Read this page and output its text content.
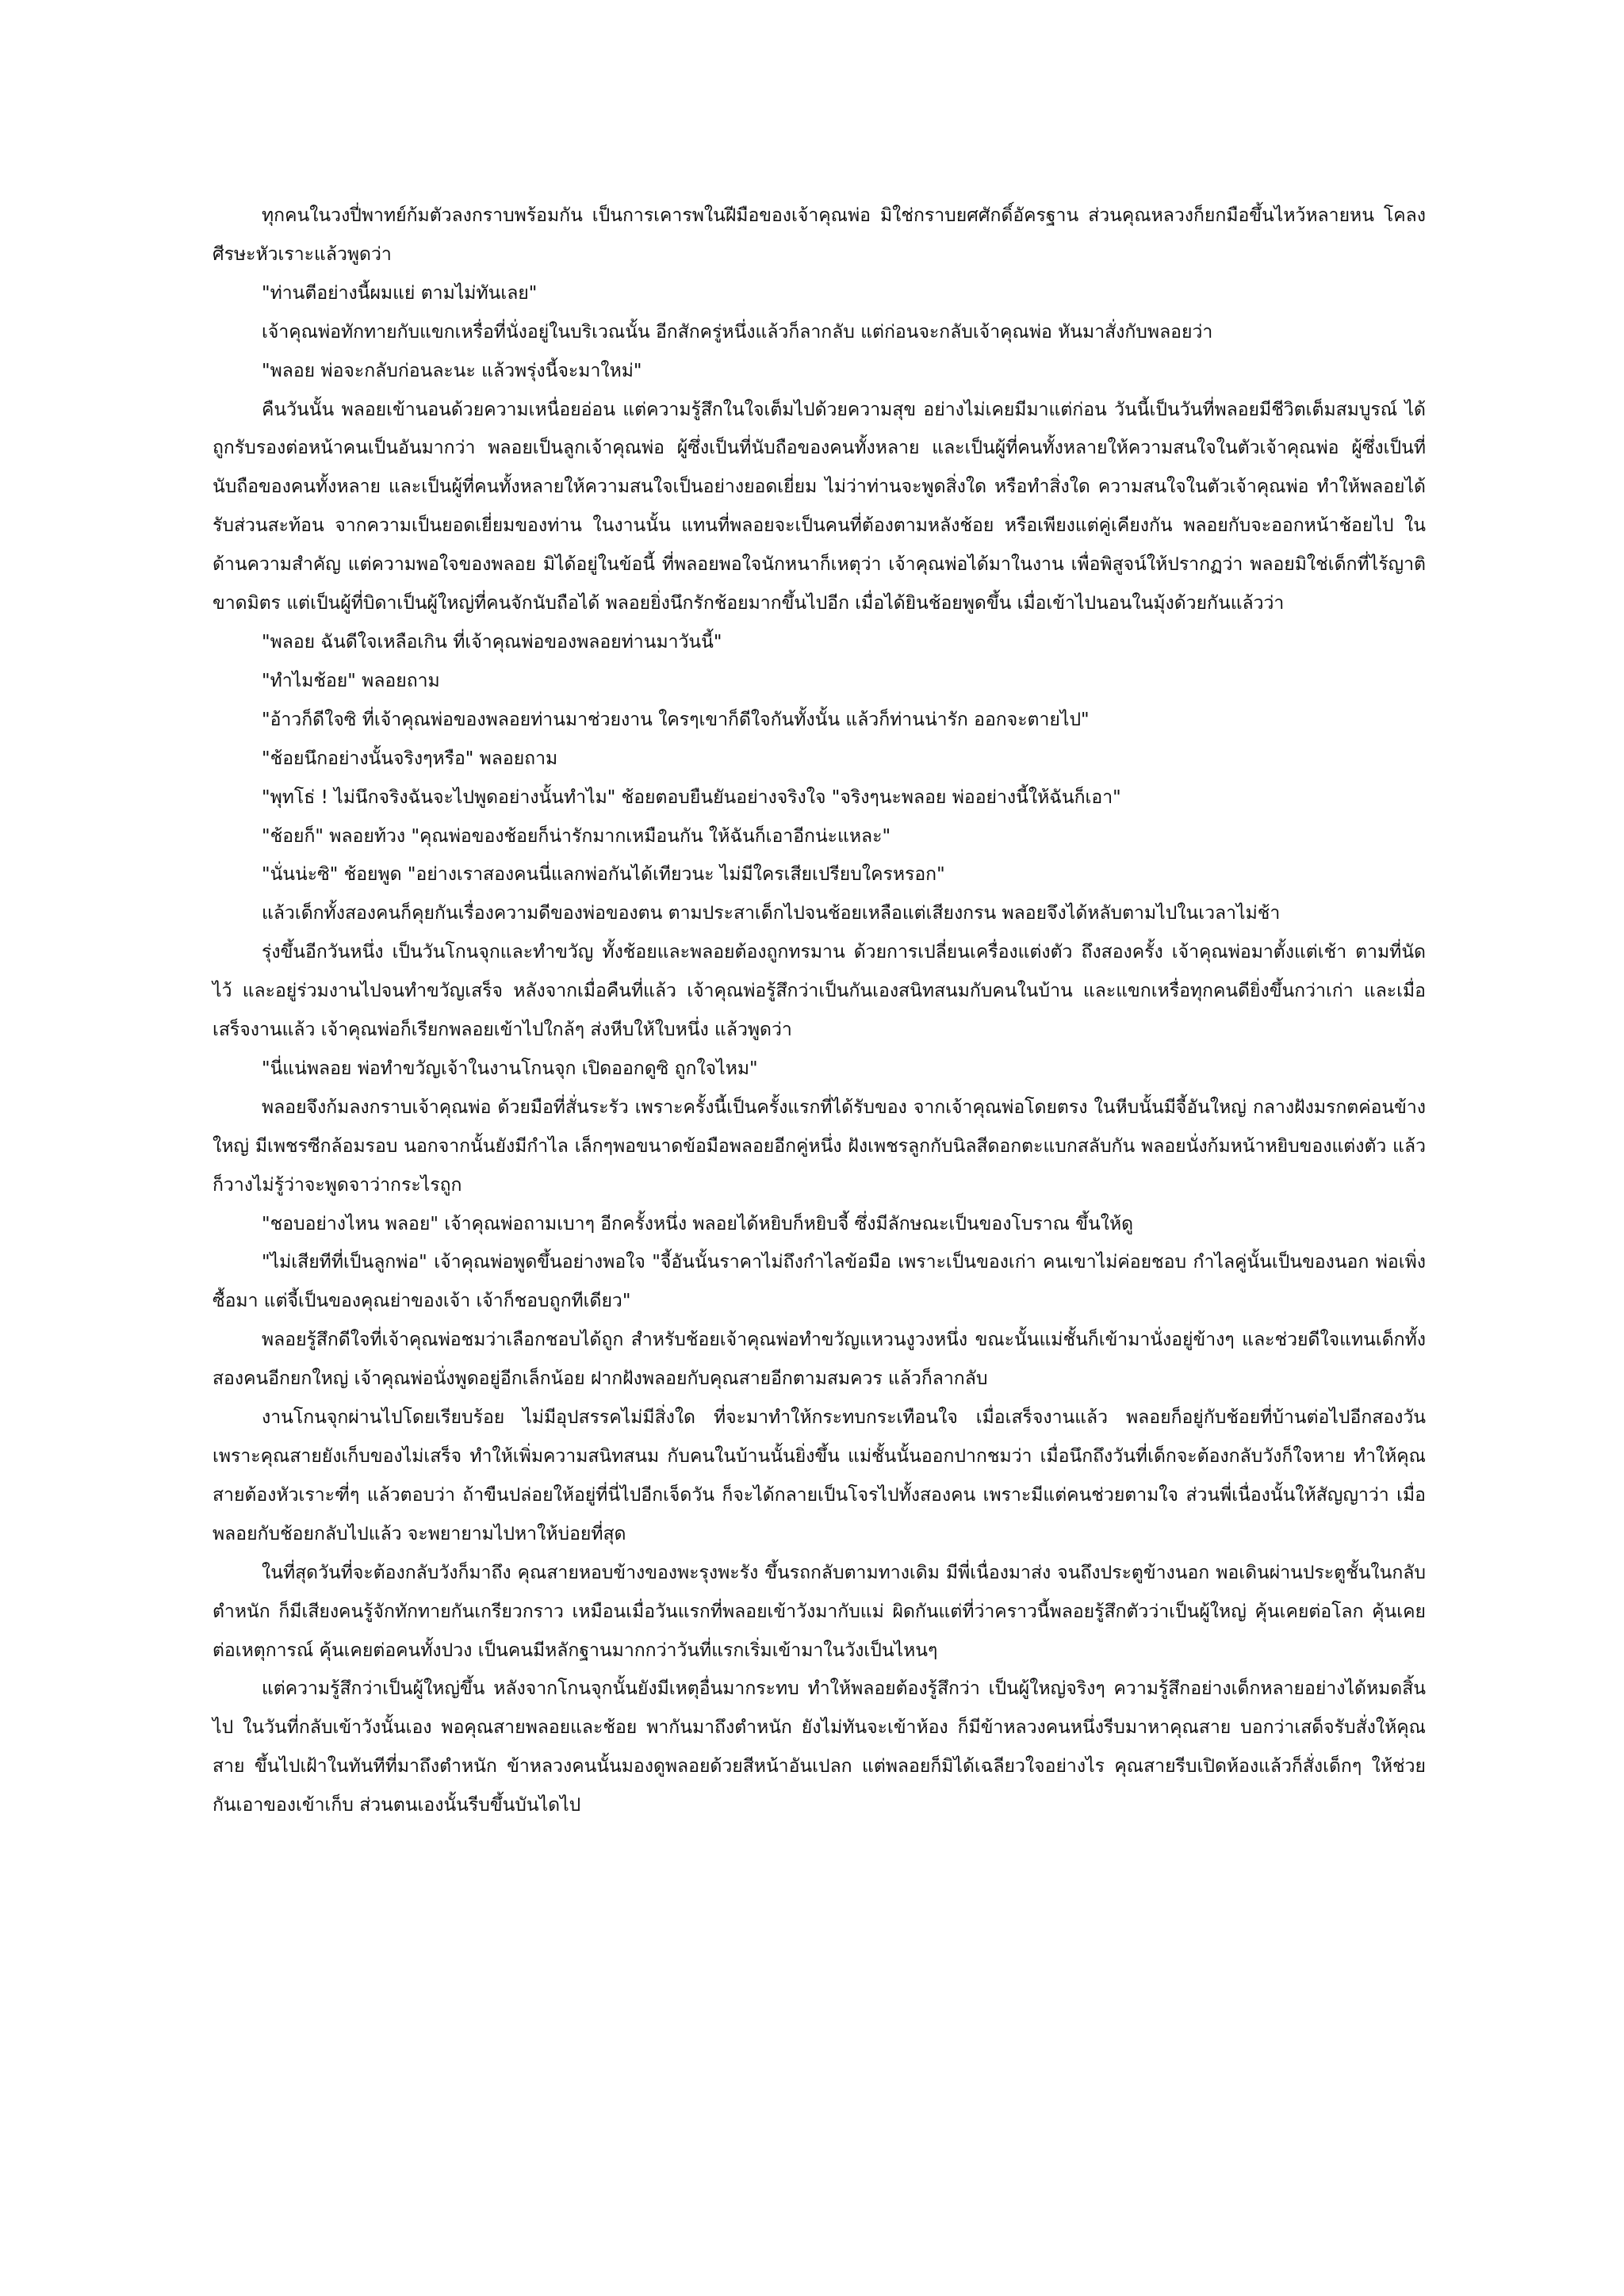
ทุกคนในวงปี่พาทย์ก้มตัวลงกราบพร้อมกัน เป็นการเคารพในฝีมือของเจ้าคุณพ่อ มิใช่กราบยศศักดิ์อัครฐาน ส่วนคุณหลวงก็ยกมือขึ้นไหว้หลายหน โคลงศีรษะหัวเราะแล้วพูดว่า

"ท่านตีอย่างนี้ผมแย่ ตามไม่ทันเลย"

เจ้าคุณพ่อทักทายกับแขกเหรื่อที่นั่งอยู่ในบริเวณนั้น อีกสักครู่หนึ่งแล้วก็ลากลับ แต่ก่อนจะกลับเจ้าคุณพ่อ หันมาสั่งกับพลอยว่า

"พลอย พ่อจะกลับก่อนละนะ แล้วพรุ่งนี้จะมาใหม่"

คืนวันนั้น พลอยเข้านอนด้วยความเหนื่อยอ่อน แต่ความรู้สึกในใจเต็มไปด้วยความสุข อย่างไม่เคยมีมาแต่ก่อน วันนี้เป็นวันที่พลอยมีชีวิตเต็มสมบูรณ์ ได้ถูกรับรองต่อหน้าคนเป็นอันมากว่า พลอยเป็นลูกเจ้าคุณพ่อ ผู้ซึ่งเป็นที่นับถือของคนทั้งหลาย และเป็นผู้ที่คนทั้งหลายให้ความสนใจในตัวเจ้าคุณพ่อ ผู้ซึ่งเป็นที่นับถือของคนทั้งหลาย และเป็นผู้ที่คนทั้งหลายให้ความสนใจเป็นอย่างยอดเยี่ยม ไม่ว่าท่านจะพูดสิ่งใด หรือทำสิ่งใด ความสนใจในตัวเจ้าคุณพ่อ ทำให้พลอยได้รับส่วนสะท้อน จากความเป็นยอดเยี่ยมของท่าน ในงานนั้น แทนที่พลอยจะเป็นคนที่ต้องตามหลังช้อย หรือเพียงแต่คู่เคียงกัน พลอยกับจะออกหน้าช้อยไป ในด้านความสำคัญ แต่ความพอใจของพลอย มิได้อยู่ในข้อนี้ ที่พลอยพอใจนักหนาก็เหตุว่า เจ้าคุณพ่อได้มาในงาน เพื่อพิสูจน์ให้ปรากฏว่า พลอยมิใช่เด็กที่ไร้ญาติขาดมิตร แต่เป็นผู้ที่บิดาเป็นผู้ใหญ่ที่คนจักนับถือได้ พลอยยิ่งนึกรักช้อยมากขึ้นไปอีก เมื่อได้ยินช้อยพูดขึ้น เมื่อเข้าไปนอนในมุ้งด้วยกันแล้วว่า

"พลอย ฉันดีใจเหลือเกิน ที่เจ้าคุณพ่อของพลอยท่านมาวันนี้"

"ทำไมช้อย" พลอยถาม

"อ้าวก็ดีใจซิ ที่เจ้าคุณพ่อของพลอยท่านมาช่วยงาน ใครๆเขาก็ดีใจกันทั้งนั้น แล้วก็ท่านน่ารัก ออกจะตายไป"

"ช้อยนึกอย่างนั้นจริงๆหรือ" พลอยถาม

"พุทโธ่ ! ไม่นึกจริงฉันจะไปพูดอย่างนั้นทำไม" ช้อยตอบยืนยันอย่างจริงใจ "จริงๆนะพลอย พ่ออย่างนี้ให้ฉันก็เอา"

"ช้อยก็" พลอยท้วง "คุณพ่อของช้อยก็น่ารักมากเหมือนกัน ให้ฉันก็เอาอีกน่ะแหละ"

"นั่นน่ะซิ" ช้อยพูด "อย่างเราสองคนนี่แลกพ่อกันได้เทียวนะ ไม่มีใครเสียเปรียบใครหรอก"

แล้วเด็กทั้งสองคนก็คุยกันเรื่องความดีของพ่อของตน ตามประสาเด็กไปจนช้อยเหลือแต่เสียงกรน พลอยจึงได้หลับตามไปในเวลาไม่ช้า

รุ่งขึ้นอีกวันหนึ่ง เป็นวันโกนจุกและทำขวัญ ทั้งช้อยและพลอยต้องถูกทรมาน ด้วยการเปลี่ยนเครื่องแต่งตัว ถึงสองครั้ง เจ้าคุณพ่อมาตั้งแต่เช้า ตามที่นัดไว้ และอยู่ร่วมงานไปจนทำขวัญเสร็จ หลังจากเมื่อคืนที่แล้ว เจ้าคุณพ่อรู้สึกว่าเป็นกันเองสนิทสนมกับคนในบ้าน และแขกเหรื่อทุกคนดียิ่งขึ้นกว่าเก่า และเมื่อเสร็จงานแล้ว เจ้าคุณพ่อก็เรียกพลอยเข้าไปใกล้ๆ ส่งหีบให้ใบหนึ่ง แล้วพูดว่า

"นี่แน่พลอย พ่อทำขวัญเจ้าในงานโกนจุก เปิดออกดูซิ ถูกใจไหม"

พลอยจึงก้มลงกราบเจ้าคุณพ่อ ด้วยมือที่สั่นระรัว เพราะครั้งนี้เป็นครั้งแรกที่ได้รับของ จากเจ้าคุณพ่อโดยตรง ในหีบนั้นมีจี้อันใหญ่ กลางฝังมรกตค่อนข้างใหญ่ มีเพชรซีกล้อมรอบ นอกจากนั้นยังมีกำไล เล็กๆพอขนาดข้อมือพลอยอีกคู่หนึ่ง ฝังเพชรลูกกับนิลสีดอกตะแบกสลับกัน พลอยนั่งก้มหน้าหยิบของแต่งตัว แล้วก็วางไม่รู้ว่าจะพูดจาว่ากระไรถูก

"ชอบอย่างไหน พลอย" เจ้าคุณพ่อถามเบาๆ อีกครั้งหนึ่ง พลอยได้หยิบก็หยิบจี้ ซึ่งมีลักษณะเป็นของโบราณ ขึ้นให้ดู

"ไม่เสียทีที่เป็นลูกพ่อ" เจ้าคุณพ่อพูดขึ้นอย่างพอใจ "จี้อันนั้นราคาไม่ถึงกำไลข้อมือ เพราะเป็นของเก่า คนเขาไม่ค่อยชอบ กำไลคู่นั้นเป็นของนอก พ่อเพิ่งซื้อมา แต่จี้เป็นของคุณย่าของเจ้า เจ้าก็ชอบถูกทีเดียว"

พลอยรู้สึกดีใจที่เจ้าคุณพ่อชมว่าเลือกชอบได้ถูก สำหรับช้อยเจ้าคุณพ่อทำขวัญแหวนงูวงหนึ่ง ขณะนั้นแม่ชั้นก็เข้ามานั่งอยู่ข้างๆ และช่วยดีใจแทนเด็กทั้งสองคนอีกยกใหญ่ เจ้าคุณพ่อนั่งพูดอยู่อีกเล็กน้อย ฝากฝังพลอยกับคุณสายอีกตามสมควร แล้วก็ลากลับ

งานโกนจุกผ่านไปโดยเรียบร้อย ไม่มีอุปสรรคไม่มีสิ่งใด ที่จะมาทำให้กระทบกระเทือนใจ เมื่อเสร็จงานแล้ว พลอยก็อยู่กับช้อยที่บ้านต่อไปอีกสองวัน เพราะคุณสายยังเก็บของไม่เสร็จ ทำให้เพิ่มความสนิทสนม กับคนในบ้านนั้นยิ่งขึ้น แม่ชั้นนั้นออกปากชมว่า เมื่อนึกถึงวันที่เด็กจะต้องกลับวังก็ใจหาย ทำให้คุณสายต้องหัวเราะฑี่ๆ แล้วตอบว่า ถ้าขืนปล่อยให้อยู่ที่นี่ไปอีกเจ็ดวัน ก็จะได้กลายเป็นโจรไปทั้งสองคน เพราะมีแต่คนช่วยตามใจ ส่วนพี่เนื่องนั้นให้สัญญาว่า เมื่อพลอยกับช้อยกลับไปแล้ว จะพยายามไปหาให้บ่อยที่สุด

ในที่สุดวันที่จะต้องกลับวังก็มาถึง คุณสายหอบข้างของพะรุงพะรัง ขึ้นรถกลับตามทางเดิม มีพี่เนื่องมาส่ง จนถึงประตูข้างนอก พอเดินผ่านประตูชั้นในกลับตำหนัก ก็มีเสียงคนรู้จักทักทายกันเกรียวกราว เหมือนเมื่อวันแรกที่พลอยเข้าวังมากับแม่ ผิดกันแต่ที่ว่าคราวนี้พลอยรู้สึกตัวว่าเป็นผู้ใหญ่ คุ้นเคยต่อโลก คุ้นเคยต่อเหตุการณ์ คุ้นเคยต่อคนทั้งปวง เป็นคนมีหลักฐานมากกว่าวันที่แรกเริ่มเข้ามาในวังเป็นไหนๆ

แต่ความรู้สึกว่าเป็นผู้ใหญ่ขึ้น หลังจากโกนจุกนั้นยังมีเหตุอื่นมากระทบ ทำให้พลอยต้องรู้สึกว่า เป็นผู้ใหญ่จริงๆ ความรู้สึกอย่างเด็กหลายอย่างได้หมดสิ้นไป ในวันที่กลับเข้าวังนั้นเอง พอคุณสายพลอยและช้อย พากันมาถึงตำหนัก ยังไม่ทันจะเข้าห้อง ก็มีข้าหลวงคนหนึ่งรีบมาหาคุณสาย บอกว่าเสด็จรับสั่งให้คุณสาย ขึ้นไปเฝ้าในทันทีที่มาถึงตำหนัก ข้าหลวงคนนั้นมองดูพลอยด้วยสีหน้าอันเปลก แต่พลอยก็มิได้เฉลียวใจอย่างไร คุณสายรีบเปิดห้องแล้วก็สั่งเด็กๆ ให้ช่วยกันเอาของเข้าเก็บ ส่วนตนเองนั้นรีบขึ้นบันไดไป
